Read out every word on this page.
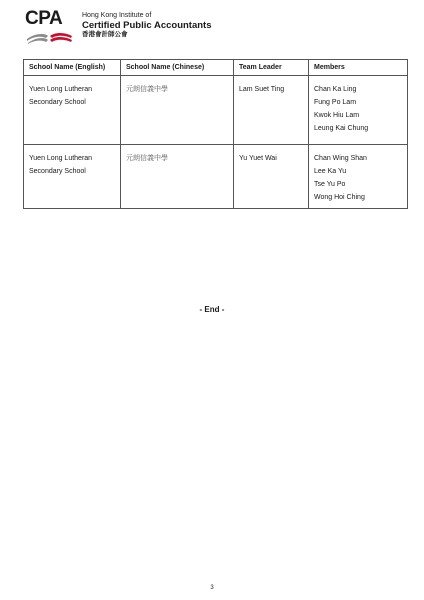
CPA	Hong Kong Institute of
Certified Public Accountants
香港會計師公會
School Name (English)	School Name (Chinese)	Team Leader	Members

Yuen Long Lutheran
Secondary School	元朗信義中學	Lam Suet Ting	Chan Ka Ling
Fung Po Lam
Kwok Hiu Lam
Leung Kai Chung

Yuen Long Lutheran
Secondary School	元朗信義中學	Yu Yuet Wai	Chan Wing Shan
Lee Ka Yu
Tse Yu Po
Wong Hoi Ching
- End -
3
